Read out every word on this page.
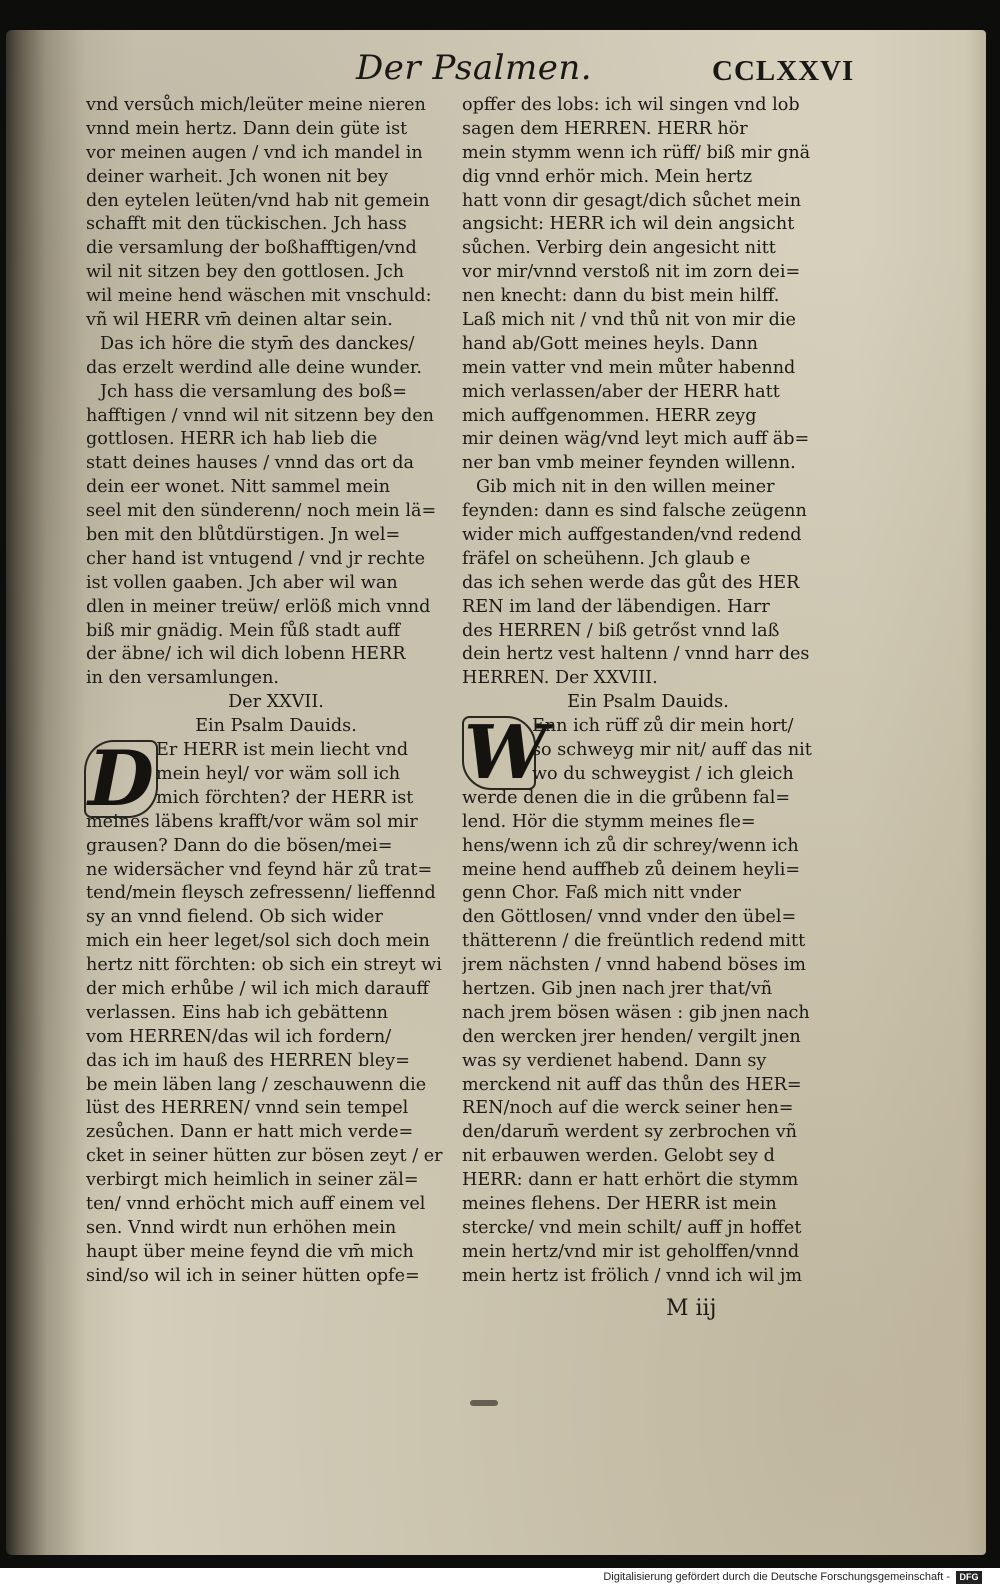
Der Psalmen.	CCLXXVI
D	W
vnd versůch mich/leüter meine nieren
vnnd mein hertz. Dann dein güte ist
vor meinen augen / vnd ich mandel in
deiner warheit. Jch wonen nit bey
den eytelen leüten/vnd hab nit gemein
schafft mit den tückischen. Jch hass
die versamlung der boßhafftigen/vnd
wil nit sitzen bey den gottlosen. Jch
wil meine hend wäschen mit vnschuld:
vñ wil HERR vm̄ deinen altar sein.
Das ich höre die stym̄ des danckes/
das erzelt werdind alle deine wunder.
Jch hass die versamlung des boß=
hafftigen / vnnd wil nit sitzenn bey den
gottlosen. HERR ich hab lieb die
statt deines hauses / vnnd das ort da
dein eer wonet. Nitt sammel mein
seel mit den sünderenn/ noch mein lä=
ben mit den blůtdürstigen. Jn wel=
cher hand ist vntugend / vnd jr rechte
ist vollen gaaben. Jch aber wil wan
dlen in meiner treüw/ erlöß mich vnnd
biß mir gnädig. Mein fůß stadt auff
der äbne/ ich wil dich lobenn HERR
in den versamlungen.
Der XXVII.
Ein Psalm Dauids.
Er HERR ist mein liecht vnd
mein heyl/ vor wäm soll ich
mich förchten? der HERR ist
meines läbens krafft/vor wäm sol mir
grausen? Dann do die bösen/mei=
ne widersächer vnd feynd här zů trat=
tend/mein fleysch zefressenn/ lieffennd
sy an vnnd fielend. Ob sich wider
mich ein heer leget/sol sich doch mein
hertz nitt förchten: ob sich ein streyt wi
der mich erhůbe / wil ich mich darauff
verlassen. Eins hab ich gebättenn
vom HERREN/das wil ich fordern/
das ich im hauß des HERREN bley=
be mein läben lang / zeschauwenn die
lüst des HERREN/ vnnd sein tempel
zesůchen. Dann er hatt mich verde=
cket in seiner hütten zur bösen zeyt / er
verbirgt mich heimlich in seiner zäl=
ten/ vnnd erhöcht mich auff einem vel
sen. Vnnd wirdt nun erhöhen mein
haupt über meine feynd die vm̄ mich
sind/so wil ich in seiner hütten opfe=
opffer des lobs: ich wil singen vnd lob
sagen dem HERREN. HERR hör
mein stymm wenn ich rüff/ biß mir gnä
dig vnnd erhör mich. Mein hertz
hatt vonn dir gesagt/dich sůchet mein
angsicht: HERR ich wil dein angsicht
sůchen. Verbirg dein angesicht nitt
vor mir/vnnd verstoß nit im zorn dei=
nen knecht: dann du bist mein hilff.
Laß mich nit / vnd thů nit von mir die
hand ab/Gott meines heyls. Dann
mein vatter vnd mein můter habennd
mich verlassen/aber der HERR hatt
mich auffgenommen. HERR zeyg
mir deinen wäg/vnd leyt mich auff äb=
ner ban vmb meiner feynden willenn.
Gib mich nit in den willen meiner
feynden: dann es sind falsche zeügenn
wider mich auffgestanden/vnd redend
fräfel on scheühenn. Jch glaub e
das ich sehen werde das gůt des HER
REN im land der läbendigen. Harr
des HERREN / biß getrőst vnnd laß
dein hertz vest haltenn / vnnd harr des
HERREN. Der XXVIII.
Ein Psalm Dauids.
Enn ich rüff zů dir mein hort/
so schweyg mir nit/ auff das nit
wo du schweygist / ich gleich
werde denen die in die grůbenn fal=
lend. Hör die stymm meines fle=
hens/wenn ich zů dir schrey/wenn ich
meine hend auffheb zů deinem heyli=
genn Chor. Faß mich nitt vnder
den Göttlosen/ vnnd vnder den übel=
thätterenn / die freüntlich redend mitt
jrem nächsten / vnnd habend böses im
hertzen. Gib jnen nach jrer that/vñ
nach jrem bösen wäsen : gib jnen nach
den wercken jrer henden/ vergilt jnen
was sy verdienet habend. Dann sy
merckend nit auff das thůn des HER=
REN/noch auf die werck seiner hen=
den/darum̄ werdent sy zerbrochen vñ
nit erbauwen werden. Gelobt sey d
HERR: dann er hatt erhört die stymm
meines flehens. Der HERR ist mein
stercke/ vnd mein schilt/ auff jn hoffet
mein hertz/vnd mir ist geholffen/vnnd
mein hertz ist frölich / vnnd ich wil jm
M iij
Digitalisierung gefördert durch die Deutsche Forschungsgemeinschaft -	DFG
